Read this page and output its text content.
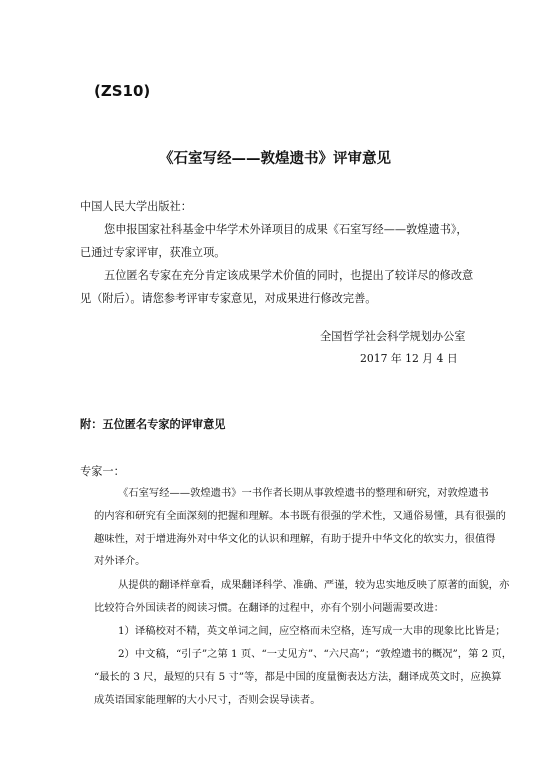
(ZS10)
《石室写经——敦煌遗书》评审意见
中国人民大学出版社：
您申报国家社科基金中华学术外译项目的成果《石室写经——敦煌遗书》，
已通过专家评审，获准立项。
五位匿名专家在充分肯定该成果学术价值的同时，也提出了较详尽的修改意
见（附后）。请您参考评审专家意见，对成果进行修改完善。
全国哲学社会科学规划办公室
2017 年 12 月 4 日
附：五位匿名专家的评审意见
专家一：
《石室写经——敦煌遗书》一书作者长期从事敦煌遗书的整理和研究，对敦煌遗书
的内容和研究有全面深刻的把握和理解。本书既有很强的学术性，又通俗易懂，具有很强的
趣味性，对于增进海外对中华文化的认识和理解，有助于提升中华文化的软实力，很值得
对外译介。
从提供的翻译样章看，成果翻译科学、准确、严谨，较为忠实地反映了原著的面貌，亦
比较符合外国读者的阅读习惯。在翻译的过程中，亦有个别小问题需要改进：
1）译稿校对不精，英文单词之间，应空格而未空格，连写成一大串的现象比比皆是；
2）中文稿，“引子”之第 1 页、“一丈见方”、“六尺高”；“敦煌遗书的概况”，第 2 页，
“最长的 3 尺，最短的只有 5 寸”等，都是中国的度量衡表达方法，翻译成英文时，应换算
成英语国家能理解的大小尺寸，否则会误导读者。
